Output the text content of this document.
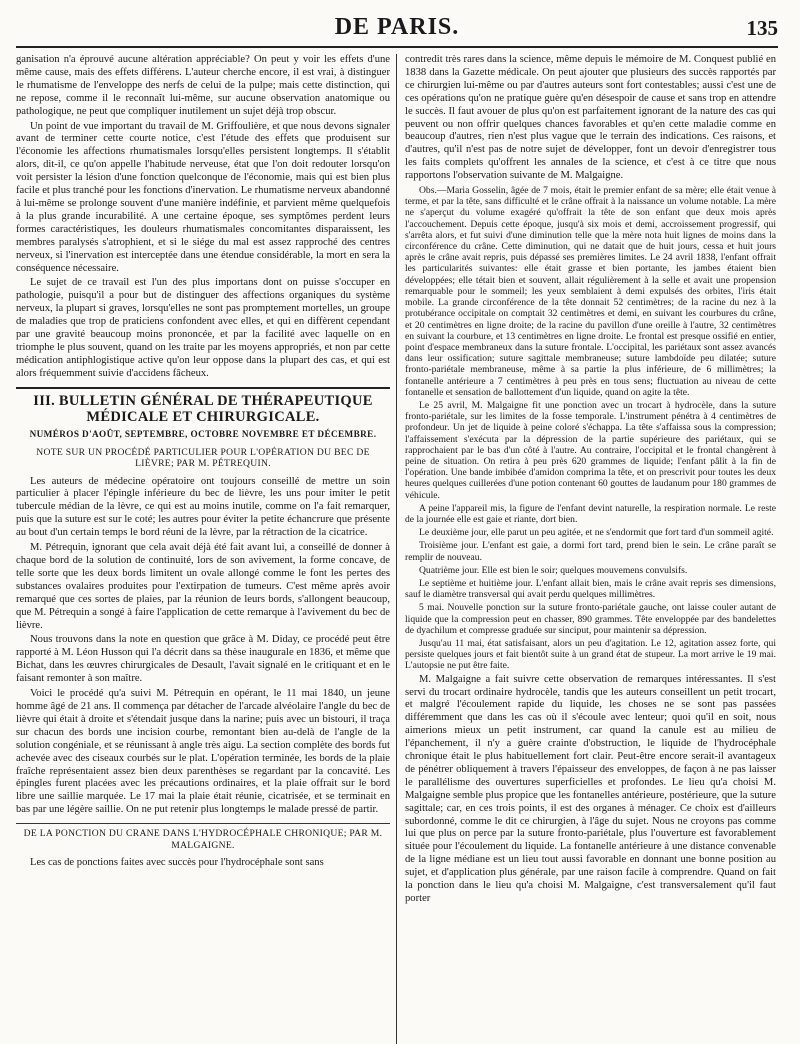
DE PARIS.	135

ganisation n'a éprouvé aucune altération appréciable? On peut y voir les effets d'une même cause, mais des effets différens. L'auteur cherche encore, il est vrai, à distinguer le rhumatisme de l'enveloppe des nerfs de celui de la pulpe; mais cette distinction, qui ne repose, comme il le reconnaît lui-même, sur aucune observation anatomique ou pathologique, ne peut que compliquer inutilement un sujet déjà trop obscur.

Un point de vue important du travail de M. Griffoulière, et que nous devons signaler avant de terminer cette courte notice, c'est l'étude des effets que produisent sur l'économie les affections rhumatismales lorsqu'elles persistent longtemps. Il s'établit alors, dit-il, ce qu'on appelle l'habitude nerveuse, état que l'on doit redouter lorsqu'on voit persister la lésion d'une fonction quelconque de l'économie, mais qui est bien plus facile et plus tranché pour les fonctions d'inervation. Le rhumatisme nerveux abandonné à lui-même se prolonge souvent d'une manière indéfinie, et parvient même quelquefois à la plus grande incurabilité. A une certaine époque, ses symptômes perdent leurs formes caractéristiques, les douleurs rhumatismales concomitantes disparaissent, les membres paralysés s'atrophient, et si le siége du mal est assez rapproché des centres nerveux, si l'inervation est interceptée dans une étendue considérable, la mort en sera la conséquence nécessaire.

Le sujet de ce travail est l'un des plus importans dont on puisse s'occuper en pathologie, puisqu'il a pour but de distinguer des affections organiques du système nerveux, la plupart si graves, lorsqu'elles ne sont pas promptement mortelles, un groupe de maladies que trop de praticiens confondent avec elles, et qui en diffèrent cependant par une gravité beaucoup moins prononcée, et par la facilité avec laquelle on en triomphe le plus souvent, quand on les traite par les moyens appropriés, et non par cette médication antiphlogistique active qu'on leur oppose dans la plupart des cas, et qui est alors fréquemment suivie d'accidens fâcheux.

III. BULLETIN GÉNÉRAL DE THÉRAPEUTIQUE MÉDICALE ET CHIRURGICALE.
NUMÉROS D'AOÛT, SEPTEMBRE, OCTOBRE NOVEMBRE ET DÉCEMBRE.
NOTE SUR UN PROCÉDÉ PARTICULIER POUR L'OPÉRATION DU BEC DE LIÈVRE; PAR M. PÉTREQUIN.

Les auteurs de médecine opératoire ont toujours conseillé de mettre un soin particulier à placer l'épingle inférieure du bec de lièvre, les uns pour imiter le petit tubercule médian de la lèvre, ce qui est au moins inutile, comme on l'a fait remarquer, puis que la suture est sur le coté; les autres pour éviter la petite échancrure que présente au bout d'un certain temps le bord réuni de la lèvre, par la rétraction de la cicatrice.

M. Pétrequin, ignorant que cela avait déjà été fait avant lui, a conseillé de donner à chaque bord de la solution de continuité, lors de son avivement, la forme concave, de telle sorte que les deux bords limitent un ovale allongé comme le font les pertes des substances ovalaires produites pour l'extirpation de tumeurs. C'est même après avoir remarqué que ces sortes de plaies, par la réunion de leurs bords, s'allongent beaucoup, que M. Pétrequin a songé à faire l'application de cette remarque à l'avivement du bec de lièvre.

Nous trouvons dans la note en question que grâce à M. Diday, ce procédé peut être rapporté à M. Léon Husson qui l'a décrit dans sa thèse inaugurale en 1836, et même que Bichat, dans les œuvres chirurgicales de Desault, l'avait signalé en le critiquant et en le faisant remonter à son maître.

Voici le procédé qu'a suivi M. Pétrequin en opérant, le 11 mai 1840, un jeune homme âgé de 21 ans. Il commença par détacher de l'arcade alvéolaire l'angle du bec de lièvre qui était à droite et s'étendait jusque dans la narine; puis avec un bistouri, il traça sur chacun des bords une incision courbe, remontant bien au-delà de l'angle de la solution congéniale, et se réunissant à angle très aigu. La section complète des bords fut achevée avec des ciseaux courbés sur le plat. L'opération terminée, les bords de la plaie fraîche représentaient assez bien deux parenthèses se regardant par la concavité. Les épingles furent placées avec les précautions ordinaires, et la plaie offrait sur le bord libre une saillie marquée. Le 17 mai la plaie était réunie, cicatrisée, et se terminait en bas par une légère saillie. On ne put retenir plus longtemps le malade pressé de partir.

DE LA PONCTION DU CRANE DANS L'HYDROCÉPHALE CHRONIQUE; PAR M. MALGAIGNE.

Les cas de ponctions faites avec succès pour l'hydrocéphale sont sans

contredit très rares dans la science, même depuis le mémoire de M. Conquest publié en 1838 dans la Gazette médicale. On peut ajouter que plusieurs des succès rapportés par ce chirurgien lui-même ou par d'autres auteurs sont fort contestables; aussi c'est une de ces opérations qu'on ne pratique guère qu'en désespoir de cause et sans trop en attendre le succès. Il faut avouer de plus qu'on est parfaitement ignorant de la nature des cas qui peuvent ou non offrir quelques chances favorables et qu'en cette maladie comme en beaucoup d'autres, rien n'est plus vague que le terrain des indications. Ces raisons, et d'autres, qu'il n'est pas de notre sujet de développer, font un devoir d'enregistrer tous les faits complets qu'offrent les annales de la science, et c'est à ce titre que nous rapportons l'observation suivante de M. Malgaigne.

Obs.—Maria Gosselin, âgée de 7 mois, était le premier enfant de sa mère; elle était venue à terme, et par la tête, sans difficulté et le crâne offrait à la naissance un volume notable. La mère ne s'aperçut du volume exagéré qu'offrait la tête de son enfant que deux mois après l'accouchement. Depuis cette époque, jusqu'à six mois et demi, accroissement progressif, qui s'arrêta alors, et fut suivi d'une diminution telle que la mère nota huit lignes de moins dans la circonférence du crâne. Cette diminution, qui ne datait que de huit jours, cessa et huit jours après le crâne avait repris, puis dépassé ses premières limites. Le 24 avril 1838, l'enfant offrait les particularités suivantes: elle était grasse et bien portante, les jambes étaient bien développées; elle tétait bien et souvent, allait régulièrement à la selle et avait une propension remarquable pour le sommeil; les yeux semblaient à demi expulsés des orbites, l'iris était mobile. La grande circonférence de la tête donnait 52 centimètres; de la racine du nez à la protubérance occipitale on comptait 32 centimètres et demi, en suivant les courbures du crâne, et 20 centimètres en ligne droite; de la racine du pavillon d'une oreille à l'autre, 32 centimètres en suivant la courbure, et 13 centimètres en ligne droite. Le frontal est presque ossifié en entier, point d'espace membraneux dans la suture frontale. L'occipital, les pariétaux sont assez avancés dans leur ossification; suture sagittale membraneuse; suture lambdoïde peu dilatée; suture fronto-pariétale membraneuse, même à sa partie la plus inférieure, de 6 millimètres; la fontanelle antérieure a 7 centimètres à peu près en tous sens; fluctuation au niveau de cette fontanelle et sensation de ballottement d'un liquide, quand on agite la tête.

Le 25 avril, M. Malgaigne fit une ponction avec un trocart à hydrocèle, dans la suture fronto-pariétale, sur les limites de la fosse temporale. L'instrument pénétra à 4 centimètres de profondeur. Un jet de liquide à peine coloré s'échappa. La tête s'affaissa sous la compression; l'affaissement s'exécuta par la dépression de la partie supérieure des pariétaux, qui se rapprochaient par le bas d'un côté à l'autre. Au contraire, l'occipital et le frontal changèrent à peine de situation. On retira à peu près 620 grammes de liquide; l'enfant pâlit à la fin de l'opération. Une bande imbibée d'amidon comprima la tête, et on prescrivit pour toutes les deux heures quelques cuillerées d'une potion contenant 60 gouttes de laudanum pour 180 grammes de véhicule.

A peine l'appareil mis, la figure de l'enfant devint naturelle, la respiration normale. Le reste de la journée elle est gaie et riante, dort bien.

Le deuxième jour, elle parut un peu agitée, et ne s'endormit que fort tard d'un sommeil agité.

Troisième jour. L'enfant est gaie, a dormi fort tard, prend bien le sein. Le crâne paraît se remplir de nouveau.

Quatrième jour. Elle est bien le soir; quelques mouvemens convulsifs.

Le septième et huitième jour. L'enfant allait bien, mais le crâne avait repris ses dimensions, sauf le diamètre transversal qui avait perdu quelques millimètres.

5 mai. Nouvelle ponction sur la suture fronto-pariétale gauche, ont laisse couler autant de liquide que la compression peut en chasser, 890 grammes. Tête enveloppée par des bandelettes de dyachilum et compresse graduée sur sinciput, pour maintenir sa dépression.

Jusqu'au 11 mai, état satisfaisant, alors un peu d'agitation. Le 12, agitation assez forte, qui persiste quelques jours et fait bientôt suite à un grand état de stupeur. La mort arrive le 19 mai. L'autopsie ne put être faite.

M. Malgaigne a fait suivre cette observation de remarques intéressantes. Il s'est servi du trocart ordinaire hydrocèle, tandis que les auteurs conseillent un petit trocart, et malgré l'écoulement rapide du liquide, les choses ne se sont pas passées différemment que dans les cas où il s'écoule avec lenteur; quoi qu'il en soit, nous aimerions mieux un petit instrument, car quand la canule est au milieu de l'épanchement, il n'y a guère crainte d'obstruction, le liquide de l'hydrocéphale chronique était le plus habituellement fort clair. Peut-être encore serait-il avantageux de pénétrer obliquement à travers l'épaisseur des enveloppes, de façon à ne pas laisser le parallélisme des ouvertures superficielles et profondes. Le lieu qu'a choisi M. Malgaigne semble plus propice que les fontanelles antérieure, postérieure, que la suture sagittale; car, en ces trois points, il est des organes à ménager. Ce choix est d'ailleurs subordonné, comme le dit ce chirurgien, à l'âge du sujet. Nous ne croyons pas comme lui que plus on perce par la suture fronto-pariétale, plus l'ouverture est favorablement située pour l'écoulement du liquide. La fontanelle antérieure à une distance convenable de la ligne médiane est un lieu tout aussi favorable en donnant une bonne position au sujet, et d'application plus générale, par une raison facile à comprendre. Quand on fait la ponction dans le lieu qu'a choisi M. Malgaigne, c'est transversalement qu'il faut porter
